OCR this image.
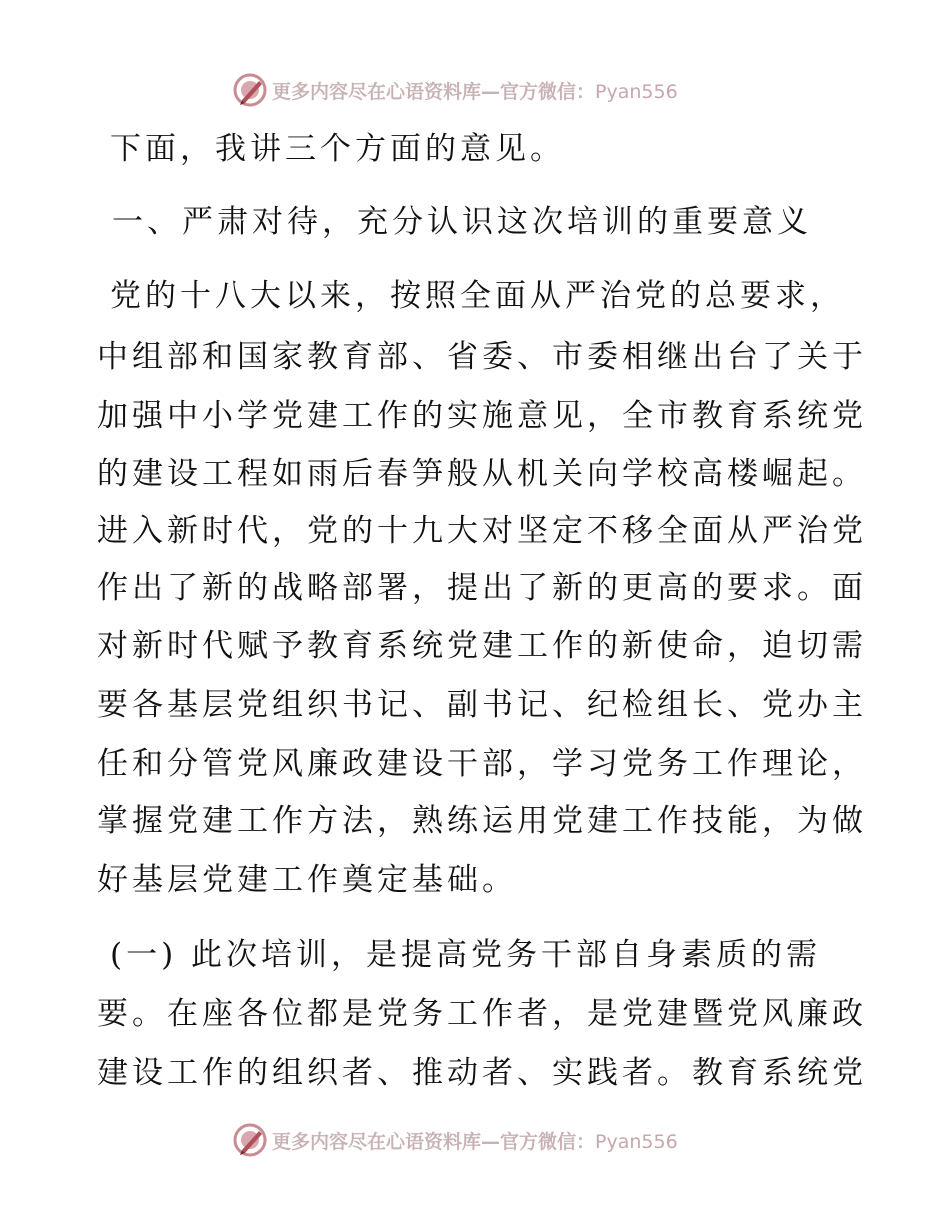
更多内容尽在心语资料库—官方微信：Pyan556
下面，我讲三个方面的意见。
一、严肃对待，充分认识这次培训的重要意义
党的十八大以来，按照全面从严治党的总要求，
中组部和国家教育部、省委、市委相继出台了关于
加强中小学党建工作的实施意见，全市教育系统党
的建设工程如雨后春笋般从机关向学校高楼崛起。
进入新时代，党的十九大对坚定不移全面从严治党
作出了新的战略部署，提出了新的更高的要求。面
对新时代赋予教育系统党建工作的新使命，迫切需
要各基层党组织书记、副书记、纪检组长、党办主
任和分管党风廉政建设干部，学习党务工作理论，
掌握党建工作方法，熟练运用党建工作技能，为做
好基层党建工作奠定基础。
(一) 此次培训，是提高党务干部自身素质的需
要。在座各位都是党务工作者，是党建暨党风廉政
建设工作的组织者、推动者、实践者。教育系统党
更多内容尽在心语资料库—官方微信：Pyan556
